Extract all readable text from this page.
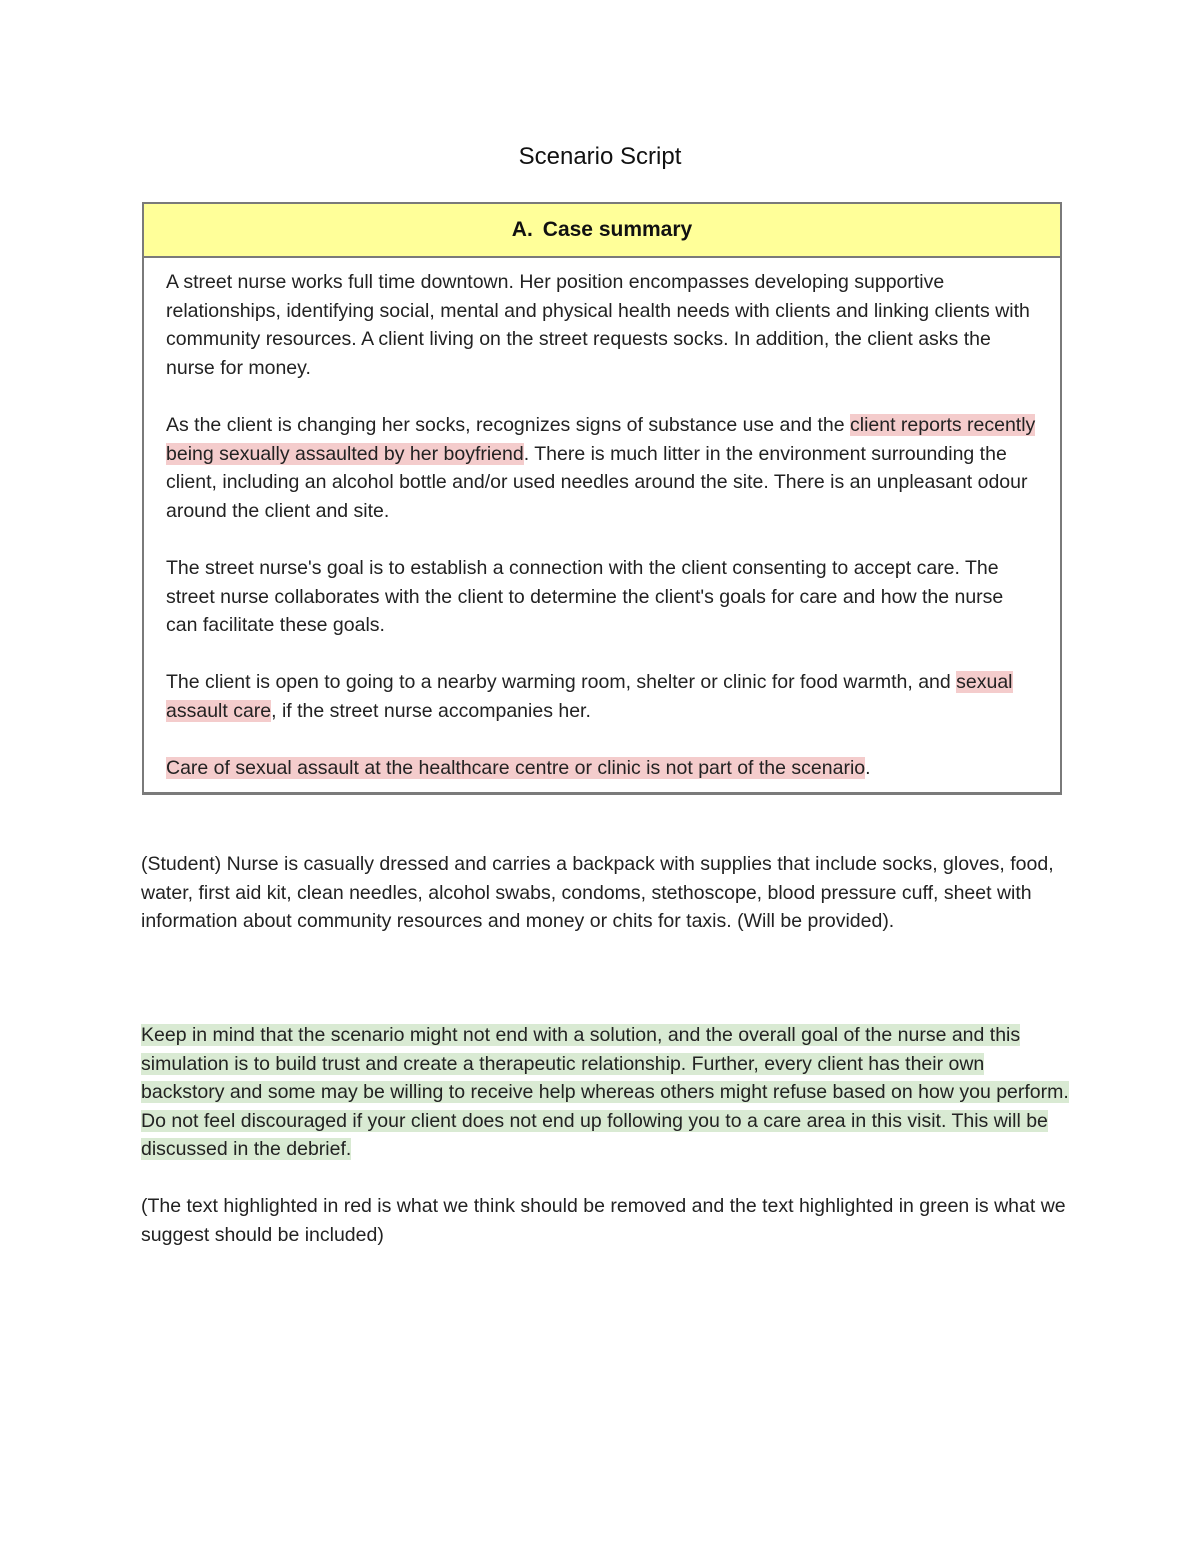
Scenario Script
A. Case summary

A street nurse works full time downtown. Her position encompasses developing supportive relationships, identifying social, mental and physical health needs with clients and linking clients with community resources. A client living on the street requests socks. In addition, the client asks the nurse for money.

As the client is changing her socks, recognizes signs of substance use and the client reports recently being sexually assaulted by her boyfriend. There is much litter in the environment surrounding the client, including an alcohol bottle and/or used needles around the site. There is an unpleasant odour around the client and site.

The street nurse's goal is to establish a connection with the client consenting to accept care. The street nurse collaborates with the client to determine the client's goals for care and how the nurse can facilitate these goals.

The client is open to going to a nearby warming room, shelter or clinic for food warmth, and sexual assault care, if the street nurse accompanies her.

Care of sexual assault at the healthcare centre or clinic is not part of the scenario.

(Student) Nurse is casually dressed and carries a backpack with supplies that include socks, gloves, food, water, first aid kit, clean needles, alcohol swabs, condoms, stethoscope, blood pressure cuff, sheet with information about community resources and money or chits for taxis. (Will be provided).

Keep in mind that the scenario might not end with a solution, and the overall goal of the nurse and this simulation is to build trust and create a therapeutic relationship. Further, every client has their own backstory and some may be willing to receive help whereas others might refuse based on how you perform. Do not feel discouraged if your client does not end up following you to a care area in this visit. This will be discussed in the debrief.

(The text highlighted in red is what we think should be removed and the text highlighted in green is what we suggest should be included)
